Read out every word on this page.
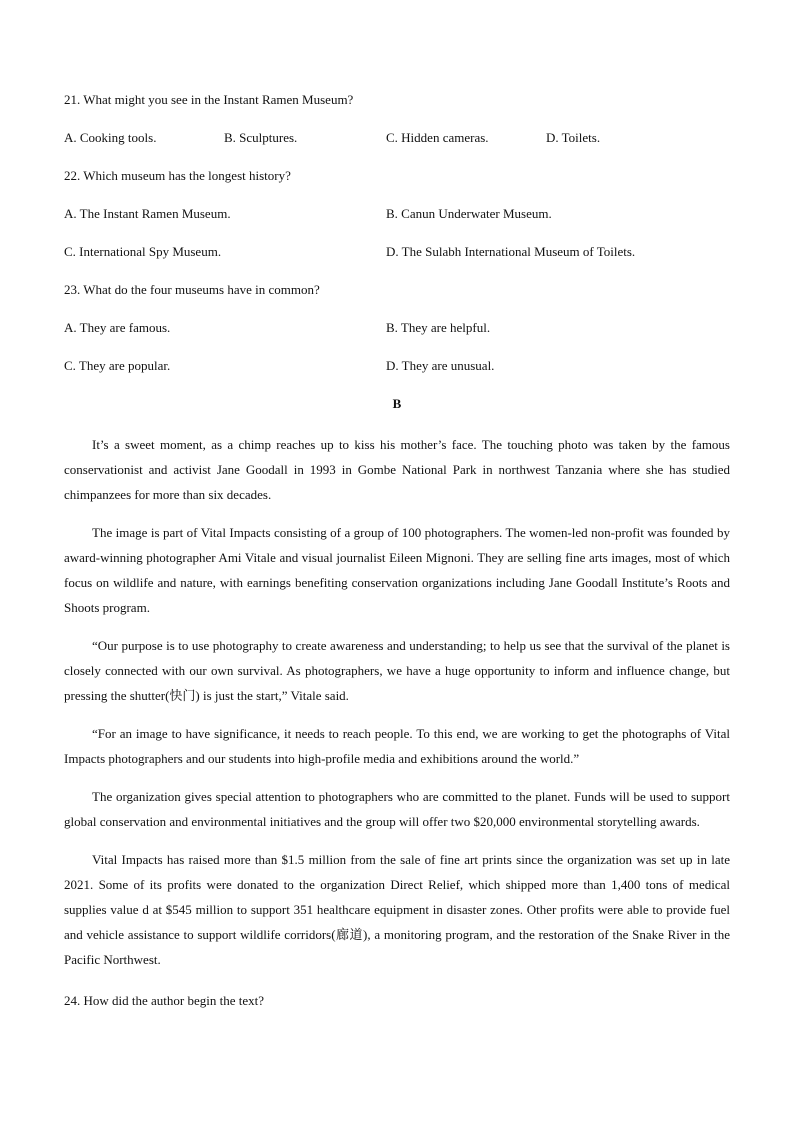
21. What might you see in the Instant Ramen Museum?
A. Cooking tools.	B. Sculptures.	C. Hidden cameras.	D. Toilets.
22. Which museum has the longest history?
A. The Instant Ramen Museum.	B. Canun Underwater Museum.
C. International Spy Museum.	D. The Sulabh International Museum of Toilets.
23. What do the four museums have in common?
A. They are famous.	B. They are helpful.
C. They are popular.	D. They are unusual.
B

It’s a sweet moment, as a chimp reaches up to kiss his mother’s face. The touching photo was taken by the famous conservationist and activist Jane Goodall in 1993 in Gombe National Park in northwest Tanzania where she has studied chimpanzees for more than six decades.

The image is part of Vital Impacts consisting of a group of 100 photographers. The women-led non-profit was founded by award-winning photographer Ami Vitale and visual journalist Eileen Mignoni. They are selling fine arts images, most of which focus on wildlife and nature, with earnings benefiting conservation organizations including Jane Goodall Institute’s Roots and Shoots program.

“Our purpose is to use photography to create awareness and understanding; to help us see that the survival of the planet is closely connected with our own survival. As photographers, we have a huge opportunity to inform and influence change, but pressing the shutter(快门) is just the start,” Vitale said.

“For an image to have significance, it needs to reach people. To this end, we are working to get the photographs of Vital Impacts photographers and our students into high-profile media and exhibitions around the world.”

The organization gives special attention to photographers who are committed to the planet. Funds will be used to support global conservation and environmental initiatives and the group will offer two $20,000 environmental storytelling awards.

Vital Impacts has raised more than $1.5 million from the sale of fine art prints since the organization was set up in late 2021. Some of its profits were donated to the organization Direct Relief, which shipped more than 1,400 tons of medical supplies value d at $545 million to support 351 healthcare equipment in disaster zones. Other profits were able to provide fuel and vehicle assistance to support wildlife corridors(廊道), a monitoring program, and the restoration of the Snake River in the Pacific Northwest.

24. How did the author begin the text?
